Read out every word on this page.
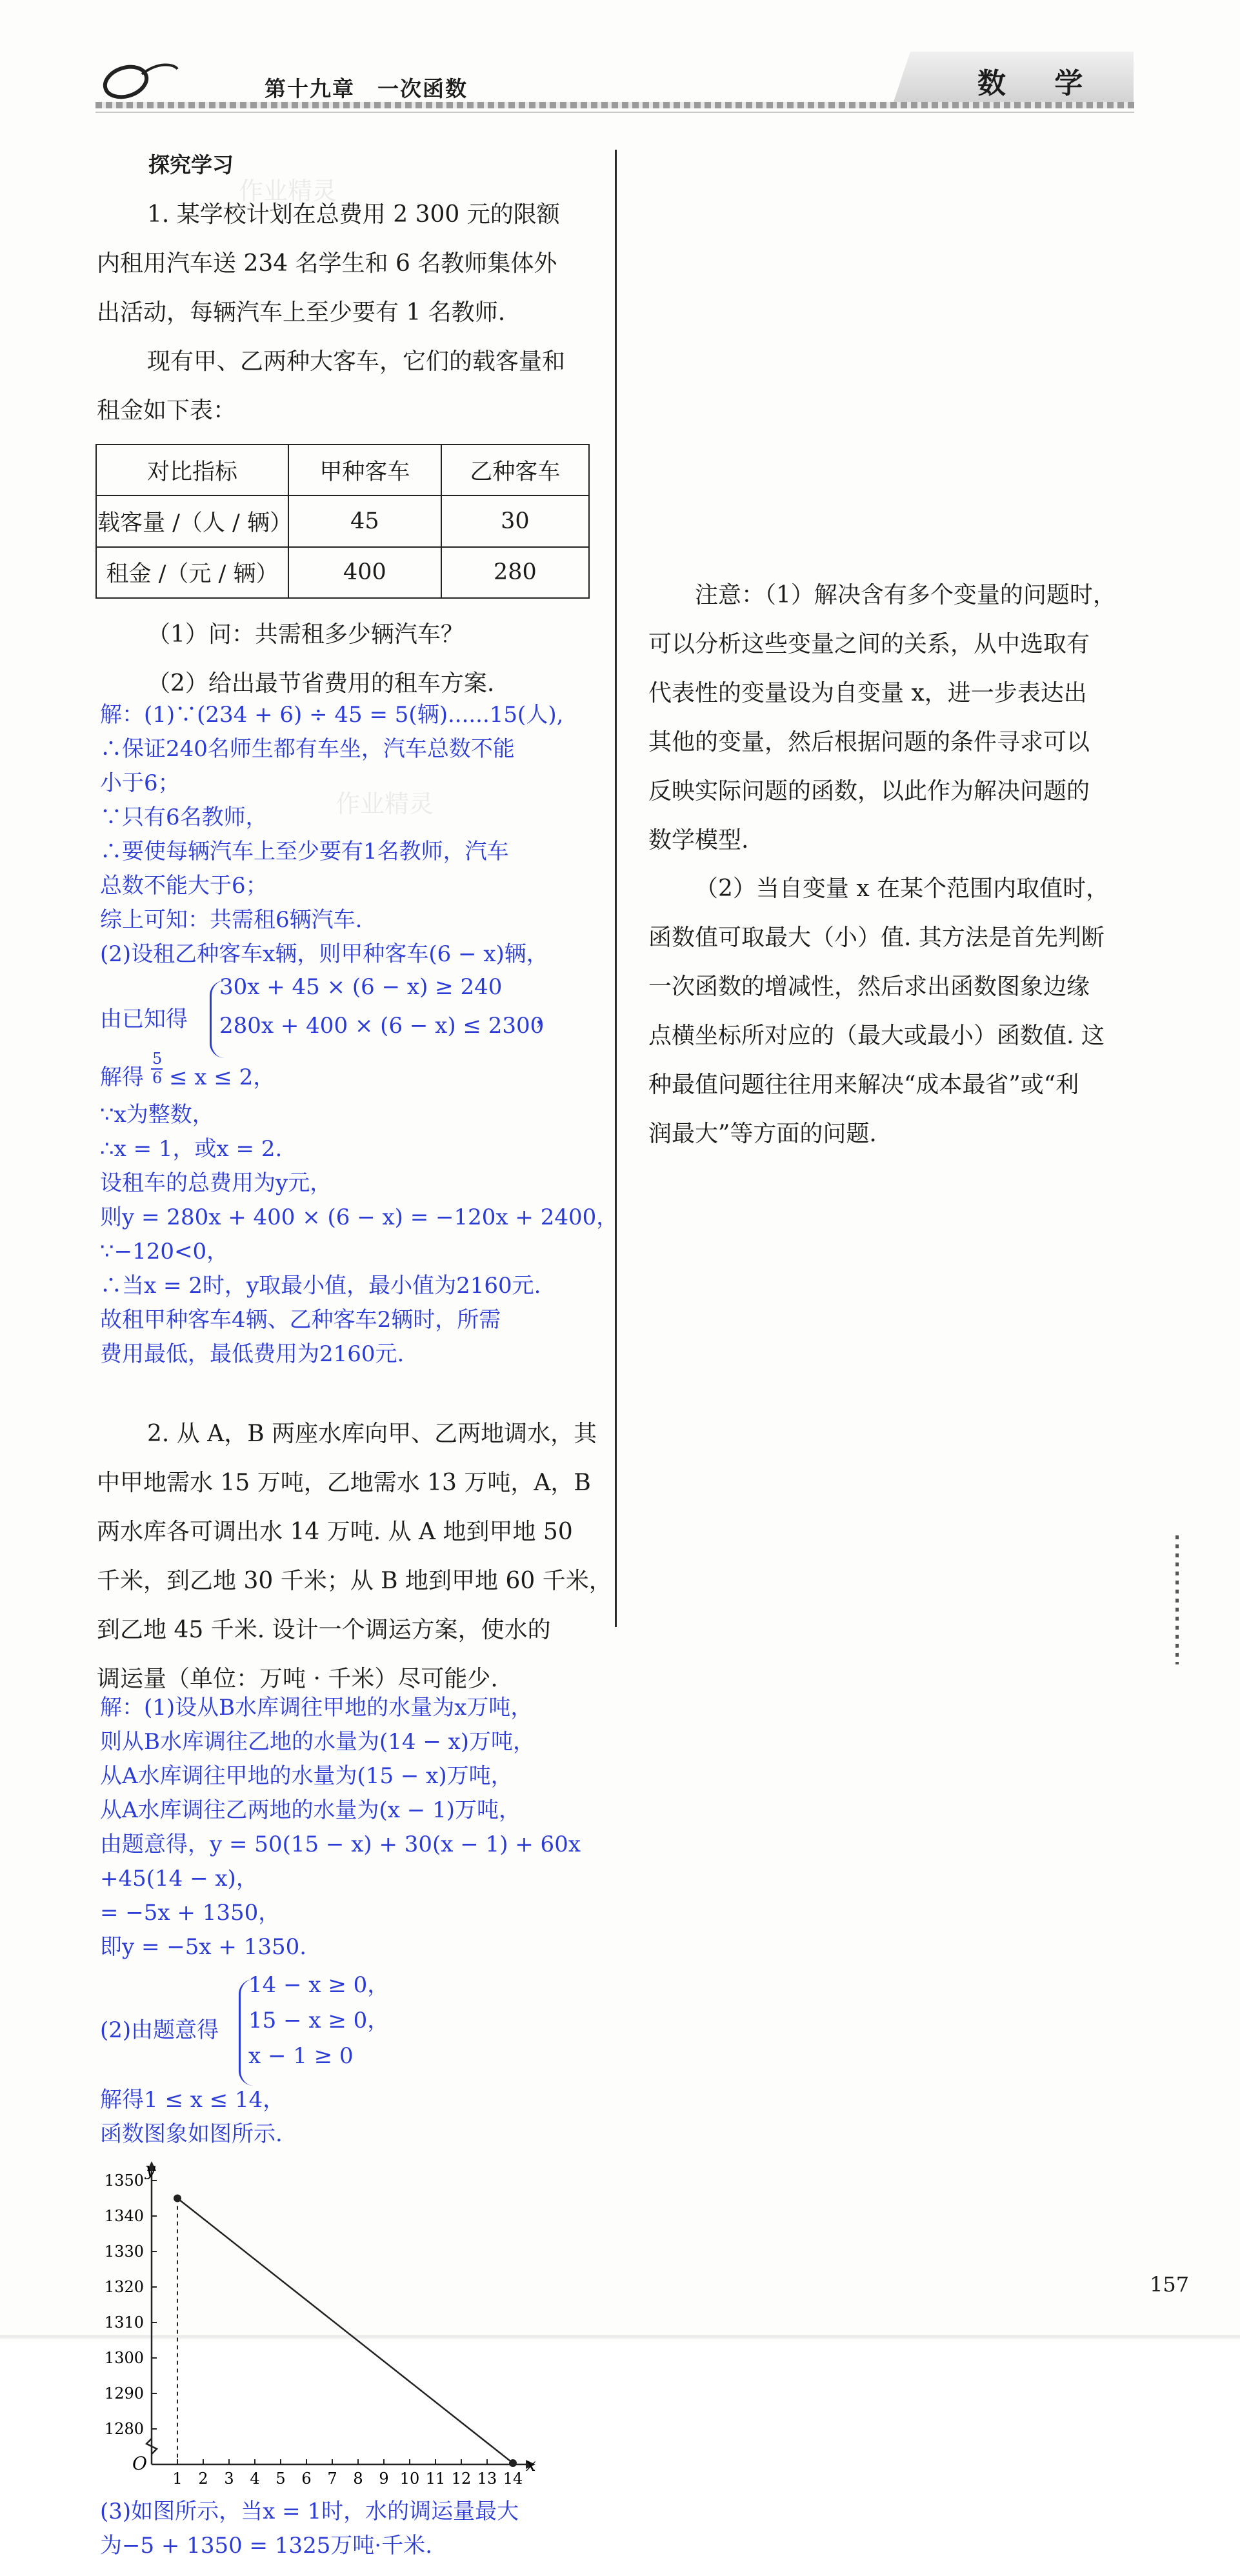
第十九章　一次函数	数 学
作业精灵
作业精灵
探究学习
1. 某学校计划在总费用 2 300 元的限额
内租用汽车送 234 名学生和 6 名教师集体外
出活动，每辆汽车上至少要有 1 名教师.
现有甲、乙两种大客车，它们的载客量和
租金如下表：
对比指标	甲种客车	乙种客车
载客量 /（人 / 辆）	45	30
租金 /（元 / 辆）	400	280
（1）问：共需租多少辆汽车？
（2）给出最节省费用的租车方案.
解：(1)∵(234 + 6) ÷ 45 = 5(辆)......15(人),
∴保证240名师生都有车坐，汽车总数不能
小于6；
∵只有6名教师，
∴要使每辆汽车上至少要有1名教师，汽车
总数不能大于6；
综上可知：共需租6辆汽车.
(2)设租乙种客车x辆，则甲种客车(6 − x)辆，
由已知得
30x + 45 × (6 − x) ≥ 240
280x + 400 × (6 − x) ≤ 2300
，
解得
5
6 ≤ x ≤ 2，
∵x为整数，
∴x = 1，或x = 2.
设租车的总费用为y元，
则y = 280x + 400 × (6 − x) = −120x + 2400，
∵−120<0，
∴当x = 2时，y取最小值，最小值为2160元.
故租甲种客车4辆、乙种客车2辆时，所需
费用最低，最低费用为2160元.
2. 从 A，B 两座水库向甲、乙两地调水，其
中甲地需水 15 万吨，乙地需水 13 万吨，A，B
两水库各可调出水 14 万吨. 从 A 地到甲地 50
千米，到乙地 30 千米；从 B 地到甲地 60 千米，
到乙地 45 千米. 设计一个调运方案，使水的
调运量（单位：万吨 · 千米）尽可能少.
解：(1)设从B水库调往甲地的水量为x万吨，
则从B水库调往乙地的水量为(14 − x)万吨，
从A水库调往甲地的水量为(15 − x)万吨，
从A水库调往乙两地的水量为(x − 1)万吨，
由题意得，y = 50(15 − x) + 30(x − 1) + 60x
+45(14 − x)，
= −5x + 1350，
即y = −5x + 1350.
(2)由题意得
14 − x ≥ 0，
15 − x ≥ 0，
x − 1 ≥ 0
解得1 ≤ x ≤ 14，
函数图象如图所示.
y
x
O
1 2 3 4 5 6 7 8 9 10 11 12 13 14
1280
1290
1300
1310
1320
1330
1340
1350
(3)如图所示，当x = 1时，水的调运量最大
为−5 + 1350 = 1325万吨·千米.
注意：（1）解决含有多个变量的问题时，
可以分析这些变量之间的关系，从中选取有
代表性的变量设为自变量 x，进一步表达出
其他的变量，然后根据问题的条件寻求可以
反映实际问题的函数，以此作为解决问题的
数学模型.
（2）当自变量 x 在某个范围内取值时，
函数值可取最大（小）值. 其方法是首先判断
一次函数的增减性，然后求出函数图象边缘
点横坐标所对应的（最大或最小）函数值. 这
种最值问题往往用来解决“成本最省”或“利
润最大”等方面的问题.
157
